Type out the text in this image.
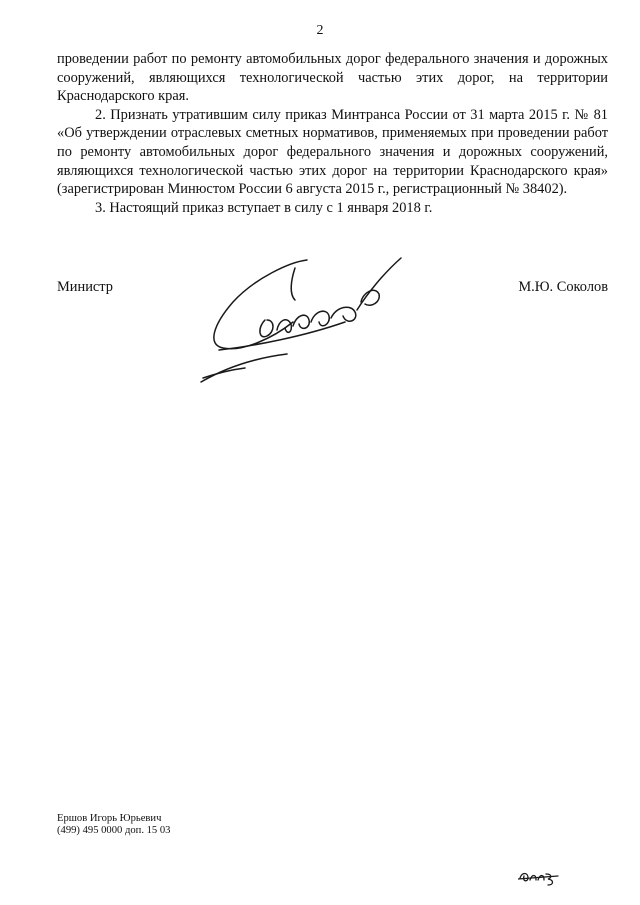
2

проведении работ по ремонту автомобильных дорог федерального значения и дорожных сооружений, являющихся технологической частью этих дорог, на территории Краснодарского края.

2. Признать утратившим силу приказ Минтранса России от 31 марта 2015 г. № 81 «Об утверждении отраслевых сметных нормативов, применяемых при проведении работ по ремонту автомобильных дорог федерального значения и дорожных сооружений, являющихся технологической частью этих дорог на территории Краснодарского края» (зарегистрирован Минюстом России 6 августа 2015 г., регистрационный № 38402).

3. Настоящий приказ вступает в силу с 1 января 2018 г.

Министр	М.Ю. Соколов
Ершов Игорь Юрьевич
(499) 495 0000 доп. 15 03
